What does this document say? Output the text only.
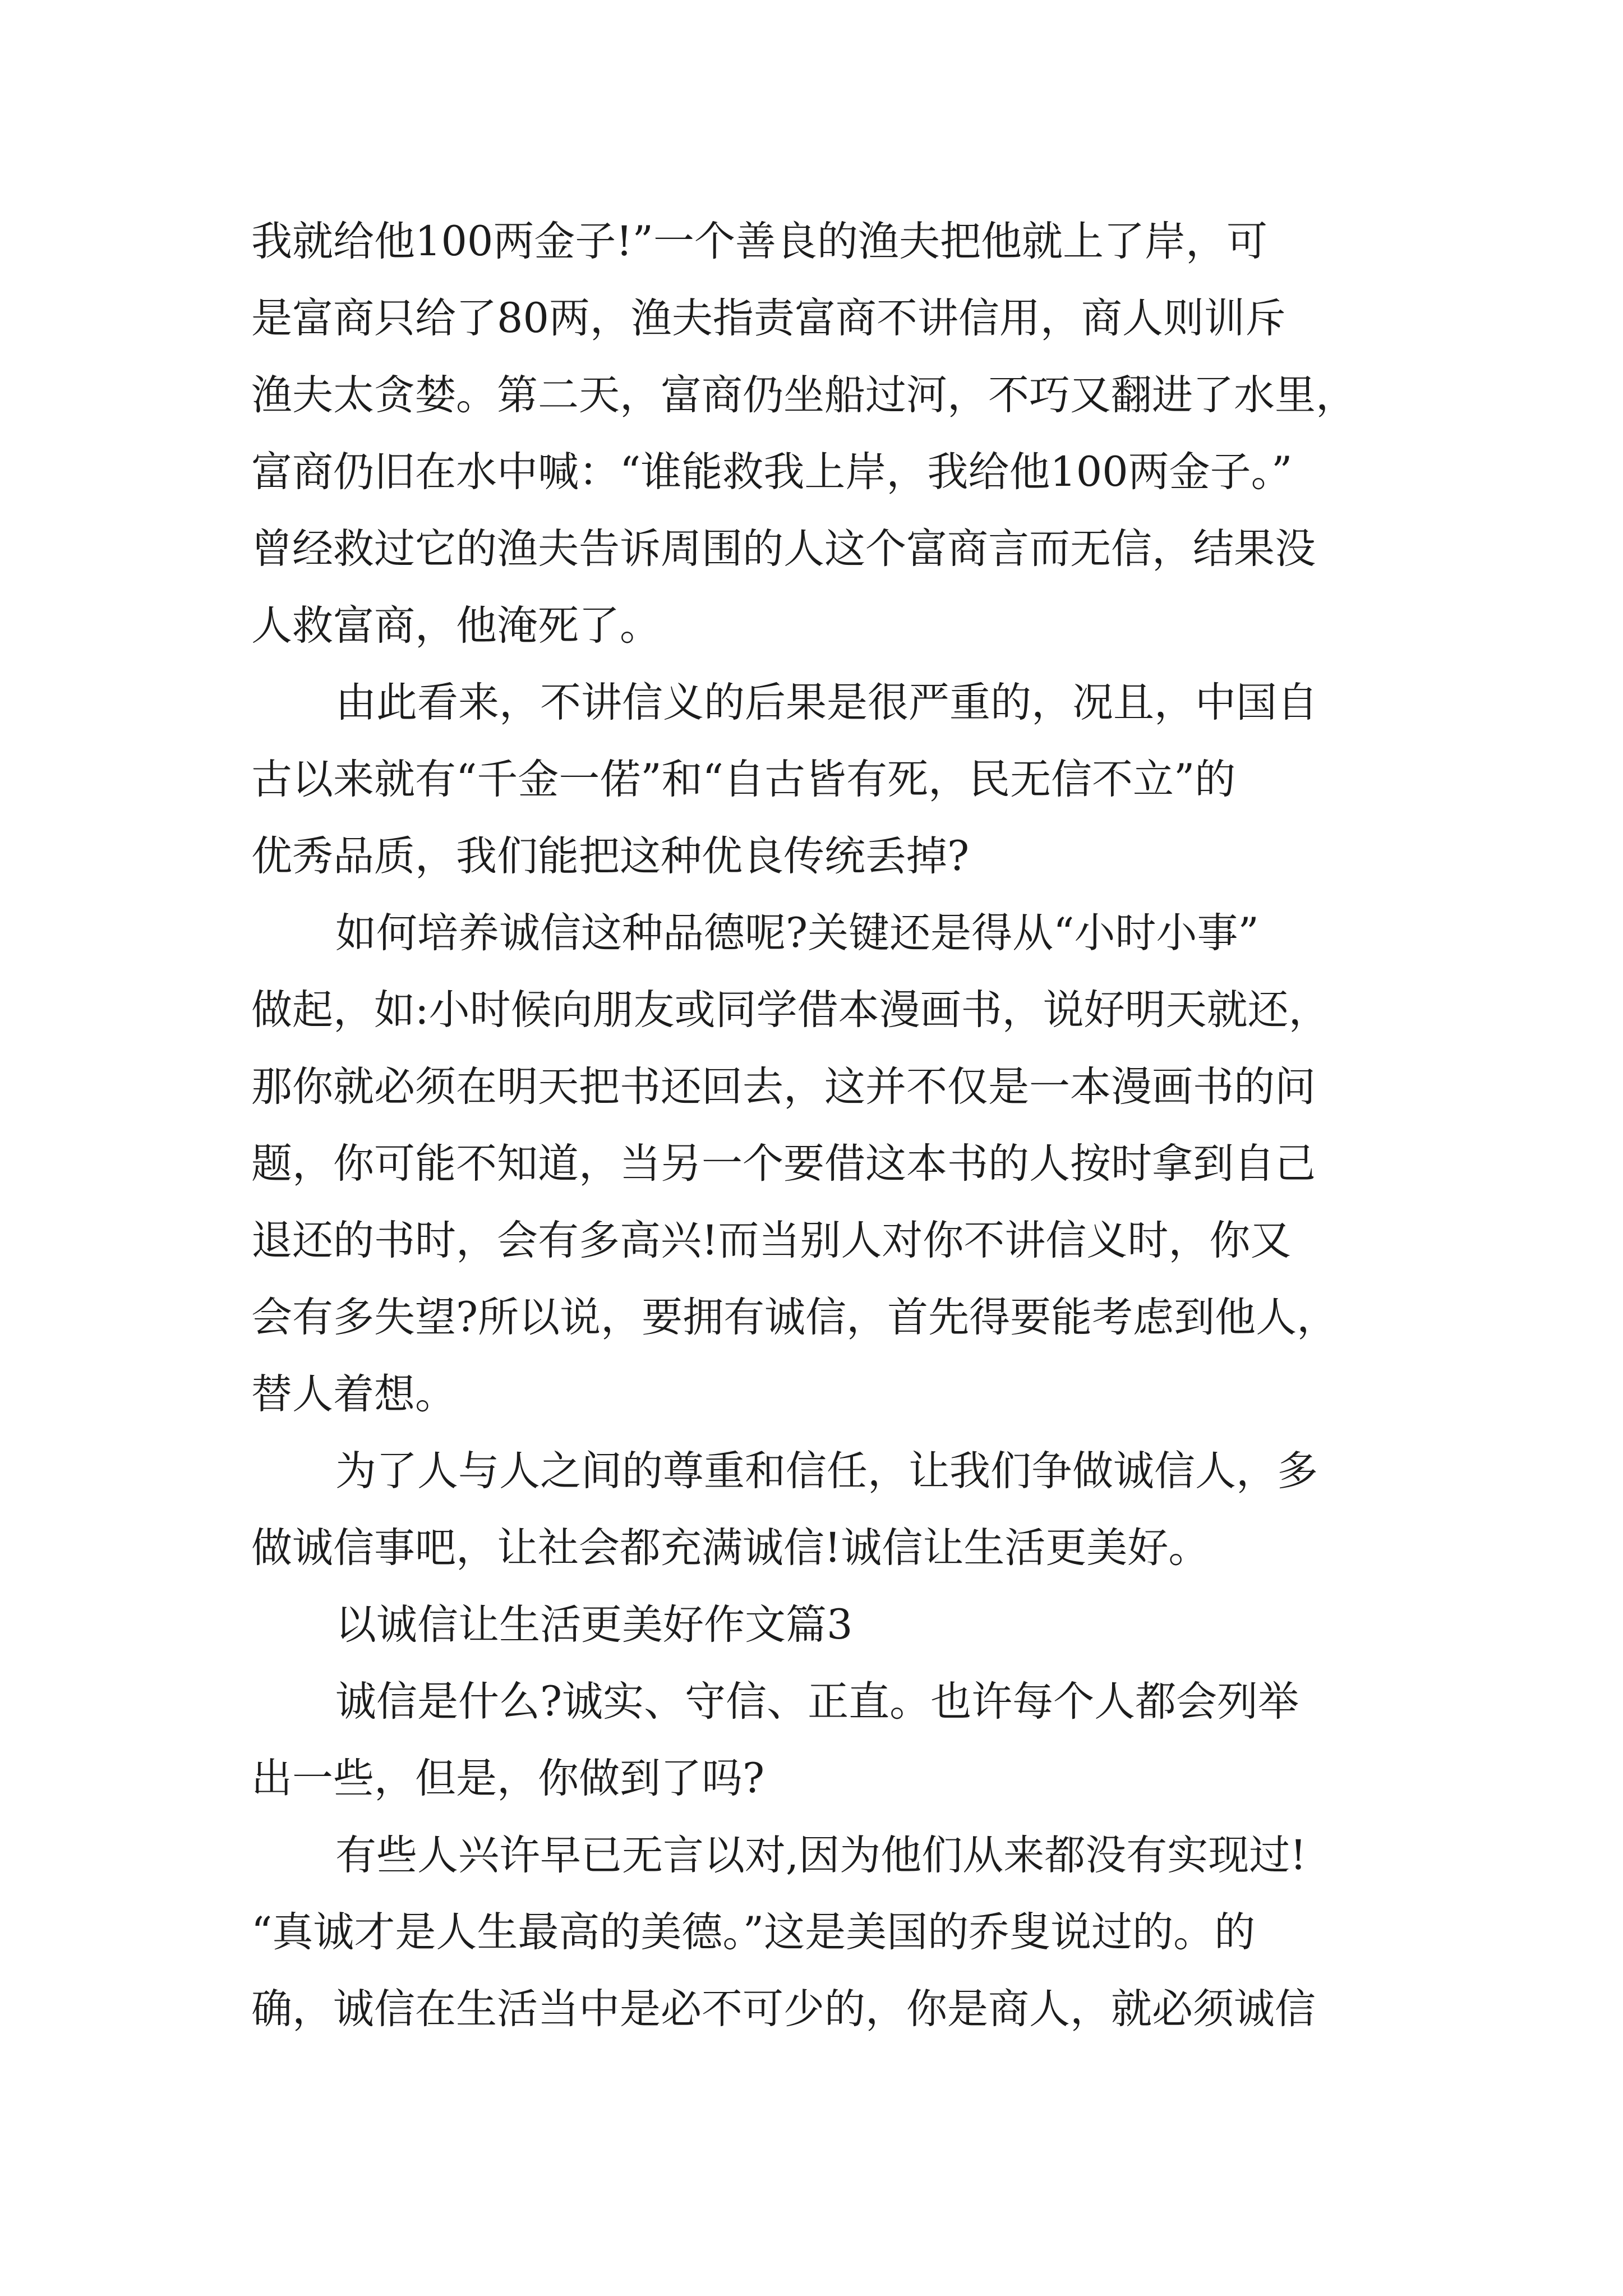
我就给他100两金子!”一个善良的渔夫把他就上了岸，可
是富商只给了80两，渔夫指责富商不讲信用，商人则训斥
渔夫太贪婪。第二天，富商仍坐船过河，不巧又翻进了水里，
富商仍旧在水中喊：“谁能救我上岸，我给他100两金子。”
曾经救过它的渔夫告诉周围的人这个富商言而无信，结果没
人救富商，他淹死了。
由此看来，不讲信义的后果是很严重的，况且，中国自
古以来就有“千金一偌”和“自古皆有死，民无信不立”的
优秀品质，我们能把这种优良传统丢掉?
如何培养诚信这种品德呢?关键还是得从“小时小事”
做起，如:小时候向朋友或同学借本漫画书，说好明天就还，
那你就必须在明天把书还回去，这并不仅是一本漫画书的问
题，你可能不知道，当另一个要借这本书的人按时拿到自己
退还的书时，会有多高兴!而当别人对你不讲信义时，你又
会有多失望?所以说，要拥有诚信，首先得要能考虑到他人，
替人着想。
为了人与人之间的尊重和信任，让我们争做诚信人，多
做诚信事吧，让社会都充满诚信!诚信让生活更美好。
以诚信让生活更美好作文篇3
诚信是什么?诚实、守信、正直。也许每个人都会列举
出一些，但是，你做到了吗?
有些人兴许早已无言以对,因为他们从来都没有实现过!
“真诚才是人生最高的美德。”这是美国的乔叟说过的。的
确，诚信在生活当中是必不可少的，你是商人，就必须诚信
